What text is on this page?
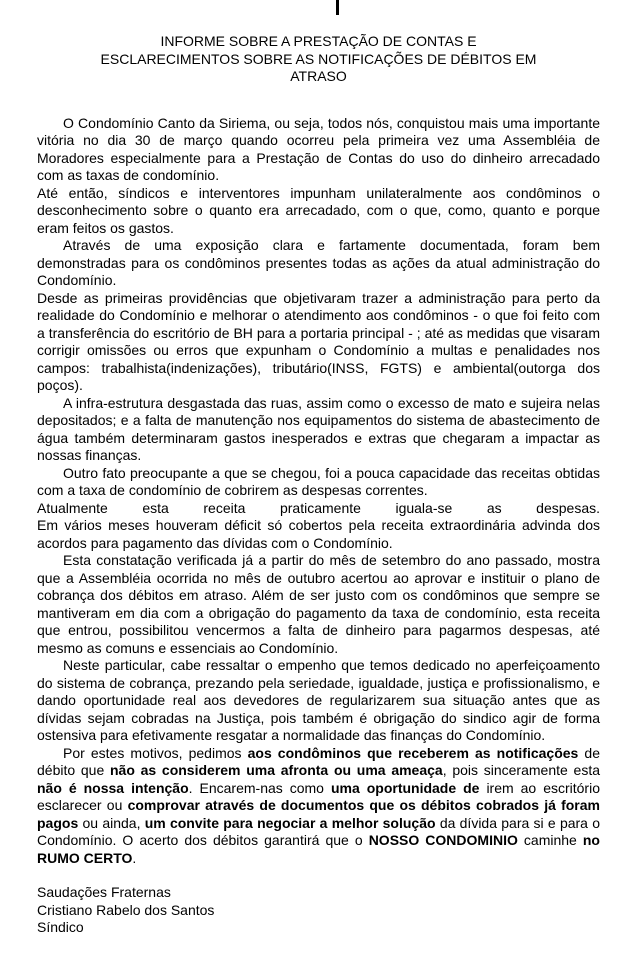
INFORME SOBRE A PRESTAÇÃO DE CONTAS E
ESCLARECIMENTOS SOBRE AS NOTIFICAÇÕES DE DÉBITOS EM
ATRASO
O Condomínio Canto da Siriema, ou seja, todos nós, conquistou mais uma importante vitória no dia 30 de março quando ocorreu pela primeira vez uma Assembléia de Moradores especialmente para a Prestação de Contas do uso do dinheiro arrecadado com as taxas de condomínio.
Até então, síndicos e interventores impunham unilateralmente aos condôminos o desconhecimento sobre o quanto era arrecadado, com o que, como, quanto e porque eram feitos os gastos.
Através de uma exposição clara e fartamente documentada, foram bem demonstradas para os condôminos presentes todas as ações da atual administração do Condomínio.
Desde as primeiras providências que objetivaram trazer a administração para perto da realidade do Condomínio e melhorar o atendimento aos condôminos - o que foi feito com a transferência do escritório de BH para a portaria principal - ; até as medidas que visaram corrigir omissões ou erros que expunham o Condomínio a multas e penalidades nos campos: trabalhista(indenizações), tributário(INSS, FGTS) e ambiental(outorga dos poços).
A infra-estrutura desgastada das ruas, assim como o excesso de mato e sujeira nelas depositados; e a falta de manutenção nos equipamentos do sistema de abastecimento de água também determinaram gastos inesperados e extras que chegaram a impactar as nossas finanças.
Outro fato preocupante a que se chegou, foi a pouca capacidade das receitas obtidas com a taxa de condomínio de cobrirem as despesas correntes.
Atualmente esta receita praticamente iguala-se as despesas.
Em vários meses houveram déficit só cobertos pela receita extraordinária advinda dos acordos para pagamento das dívidas com o Condomínio.
Esta constatação verificada já a partir do mês de setembro do ano passado, mostra que a Assembléia ocorrida no mês de outubro acertou ao aprovar e instituir o plano de cobrança dos débitos em atraso. Além de ser justo com os condôminos que sempre se mantiveram em dia com a obrigação do pagamento da taxa de condomínio, esta receita que entrou, possibilitou vencermos a falta de dinheiro para pagarmos despesas, até mesmo as comuns e essenciais ao Condomínio.
Neste particular, cabe ressaltar o empenho que temos dedicado no aperfeiçoamento do sistema de cobrança, prezando pela seriedade, igualdade, justiça e profissionalismo, e dando oportunidade real aos devedores de regularizarem sua situação antes que as dívidas sejam cobradas na Justiça, pois também é obrigação do sindico agir de forma ostensiva para efetivamente resgatar a normalidade das finanças do Condomínio.
Por estes motivos, pedimos aos condôminos que receberem as notificações de débito que não as considerem uma afronta ou uma ameaça, pois sinceramente esta não é nossa intenção. Encarem-nas como uma oportunidade de irem ao escritório esclarecer ou comprovar através de documentos que os débitos cobrados já foram pagos ou ainda, um convite para negociar a melhor solução da dívida para si e para o Condomínio. O acerto dos débitos garantirá que o NOSSO CONDOMINIO caminhe no RUMO CERTO.
Saudações Fraternas
Cristiano Rabelo dos Santos
Síndico
